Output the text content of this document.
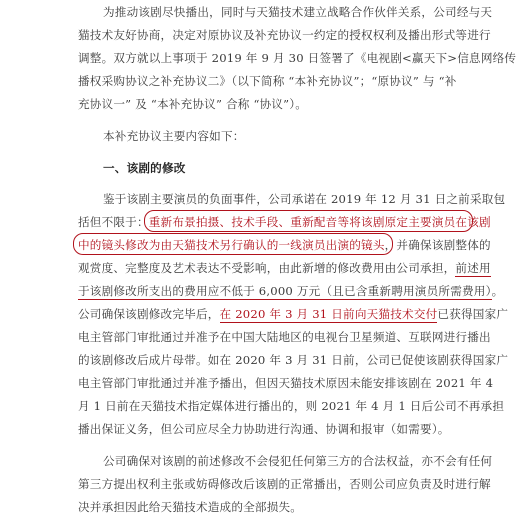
为推动该剧尽快播出，同时与天猫技术建立战略合作伙伴关系，公司经与天
猫技术友好协商，决定对原协议及补充协议一约定的授权权利及播出形式等进行
调整。双方就以上事项于 2019 年 9 月 30 日签署了《电视剧<赢天下>信息网络传
播权采购协议之补充协议二》（以下简称 “本补充协议”；“原协议” 与 “补
充协议一” 及 “本补充协议” 合称 “协议”）。
本补充协议主要内容如下：
一、该剧的修改
鉴于该剧主要演员的负面事件，公司承诺在 2019 年 12 月 31 日之前采取包
括但不限于：重新布景拍摄、技术手段、重新配音等将该剧原定主要演员在该剧
中的镜头修改为由天猫技术另行确认的一线演员出演的镜头，并确保该剧整体的
观赏度、完整度及艺术表达不受影响，由此新增的修改费用由公司承担，前述用
于该剧修改所支出的费用应不低于 6,000 万元（且已含重新聘用演员所需费用）。
公司确保该剧修改完毕后，在 2020 年 3 月 31 日前向天猫技术交付已获得国家广
电主管部门审批通过并准予在中国大陆地区的电视台卫星频道、互联网进行播出
的该剧修改后成片母带。如在 2020 年 3 月 31 日前，公司已促使该剧获得国家广
电主管部门审批通过并准予播出，但因天猫技术原因未能安排该剧在 2021 年 4
月 1 日前在天猫技术指定媒体进行播出的，则 2021 年 4 月 1 日后公司不再承担
播出保证义务，但公司应尽全力协助进行沟通、协调和报审（如需要）。
公司确保对该剧的前述修改不会侵犯任何第三方的合法权益，亦不会有任何
第三方提出权利主张或妨碍修改后该剧的正常播出，否则公司应负责及时进行解
决并承担因此给天猫技术造成的全部损失。
